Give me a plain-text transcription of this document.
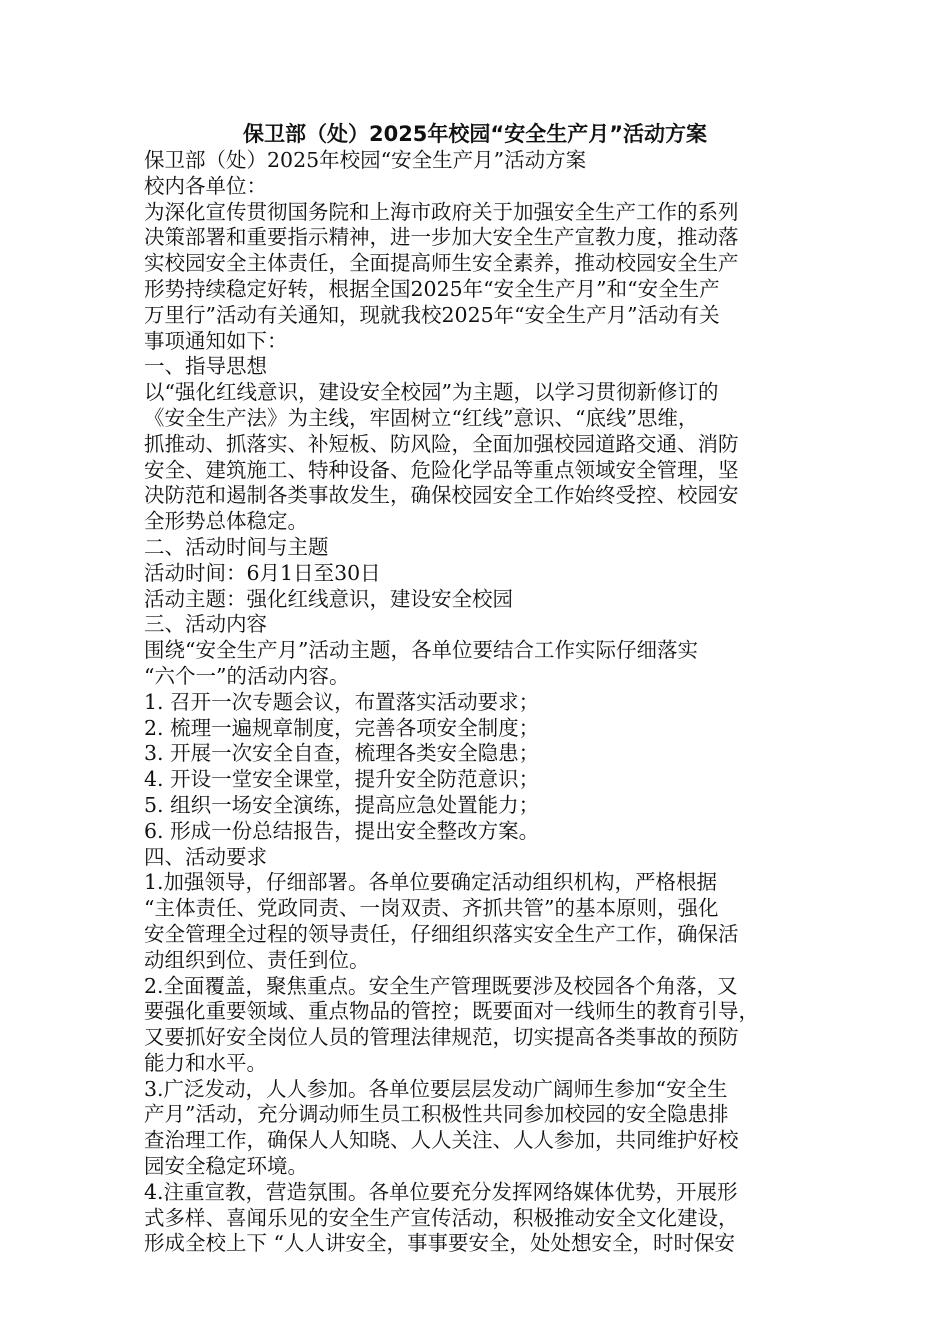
保卫部（处）2025年校园“安全生产月”活动方案
保卫部（处）2025年校园“安全生产月”活动方案
校内各单位：
为深化宣传贯彻国务院和上海市政府关于加强安全生产工作的系列
决策部署和重要指示精神，进一步加大安全生产宣教力度，推动落
实校园安全主体责任，全面提高师生安全素养，推动校园安全生产
形势持续稳定好转，根据全国2025年“安全生产月”和“安全生产
万里行”活动有关通知，现就我校2025年“安全生产月”活动有关
事项通知如下：
一、指导思想
以“强化红线意识，建设安全校园”为主题，以学习贯彻新修订的
《安全生产法》为主线，牢固树立“红线”意识、“底线”思维，
抓推动、抓落实、补短板、防风险，全面加强校园道路交通、消防
安全、建筑施工、特种设备、危险化学品等重点领域安全管理，坚
决防范和遏制各类事故发生，确保校园安全工作始终受控、校园安
全形势总体稳定。
二、活动时间与主题
活动时间：6月1日至30日
活动主题：强化红线意识，建设安全校园
三、活动内容
围绕“安全生产月”活动主题，各单位要结合工作实际仔细落实
“六个一”的活动内容。
1. 召开一次专题会议，布置落实活动要求；
2. 梳理一遍规章制度，完善各项安全制度；
3. 开展一次安全自查，梳理各类安全隐患；
4. 开设一堂安全课堂，提升安全防范意识；
5. 组织一场安全演练，提高应急处置能力；
6. 形成一份总结报告，提出安全整改方案。
四、活动要求
1.加强领导，仔细部署。各单位要确定活动组织机构，严格根据
“主体责任、党政同责、一岗双责、齐抓共管”的基本原则，强化
安全管理全过程的领导责任，仔细组织落实安全生产工作，确保活
动组织到位、责任到位。
2.全面覆盖，聚焦重点。安全生产管理既要涉及校园各个角落，又
要强化重要领域、重点物品的管控；既要面对一线师生的教育引导，
又要抓好安全岗位人员的管理法律规范，切实提高各类事故的预防
能力和水平。
3.广泛发动，人人参加。各单位要层层发动广阔师生参加“安全生
产月”活动，充分调动师生员工积极性共同参加校园的安全隐患排
查治理工作，确保人人知晓、人人关注、人人参加，共同维护好校
园安全稳定环境。
4.注重宣教，营造氛围。各单位要充分发挥网络媒体优势，开展形
式多样、喜闻乐见的安全生产宣传活动，积极推动安全文化建设，
形成全校上下 “人人讲安全，事事要安全，处处想安全，时时保安
